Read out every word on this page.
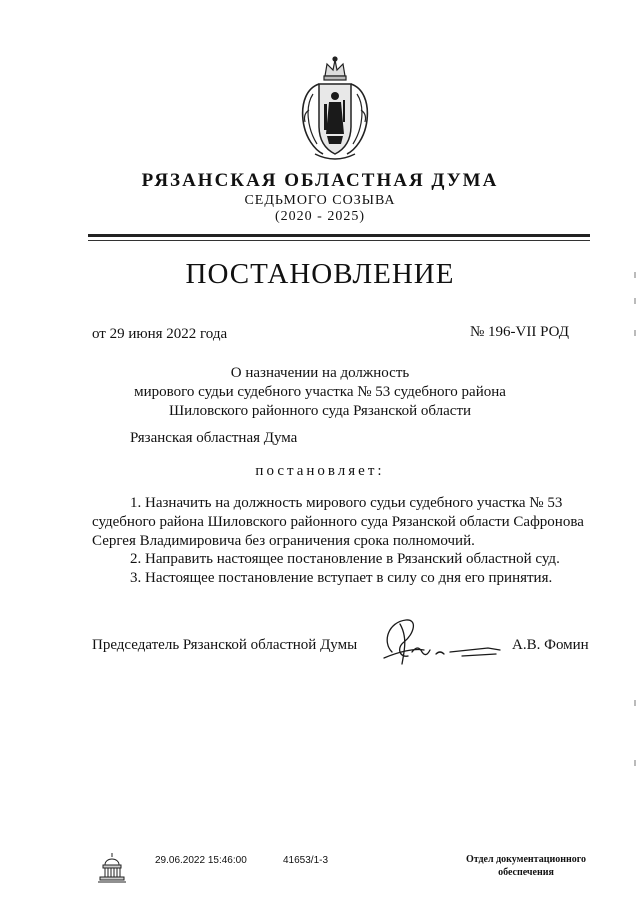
РЯЗАНСКАЯ ОБЛАСТНАЯ ДУМА
СЕДЬМОГО СОЗЫВА
(2020 - 2025)
ПОСТАНОВЛЕНИЕ
от 29 июня 2022 года	№ 196-VII РОД
О назначении на должность
мирового судьи судебного участка № 53 судебного района
Шиловского районного суда Рязанской области
Рязанская областная Дума
постановляет:
1. Назначить на должность мирового судьи судебного участка № 53 судебного района Шиловского районного суда Рязанской области Сафронова Сергея Владимировича без ограничения срока полномочий.
2. Направить настоящее постановление в Рязанский областной суд.
3. Настоящее постановление вступает в силу со дня его принятия.
Председатель Рязанской областной Думы	А.В. Фомин
29.06.2022 15:46:00	41653/1-3	Отдел документационного
обеспечения
